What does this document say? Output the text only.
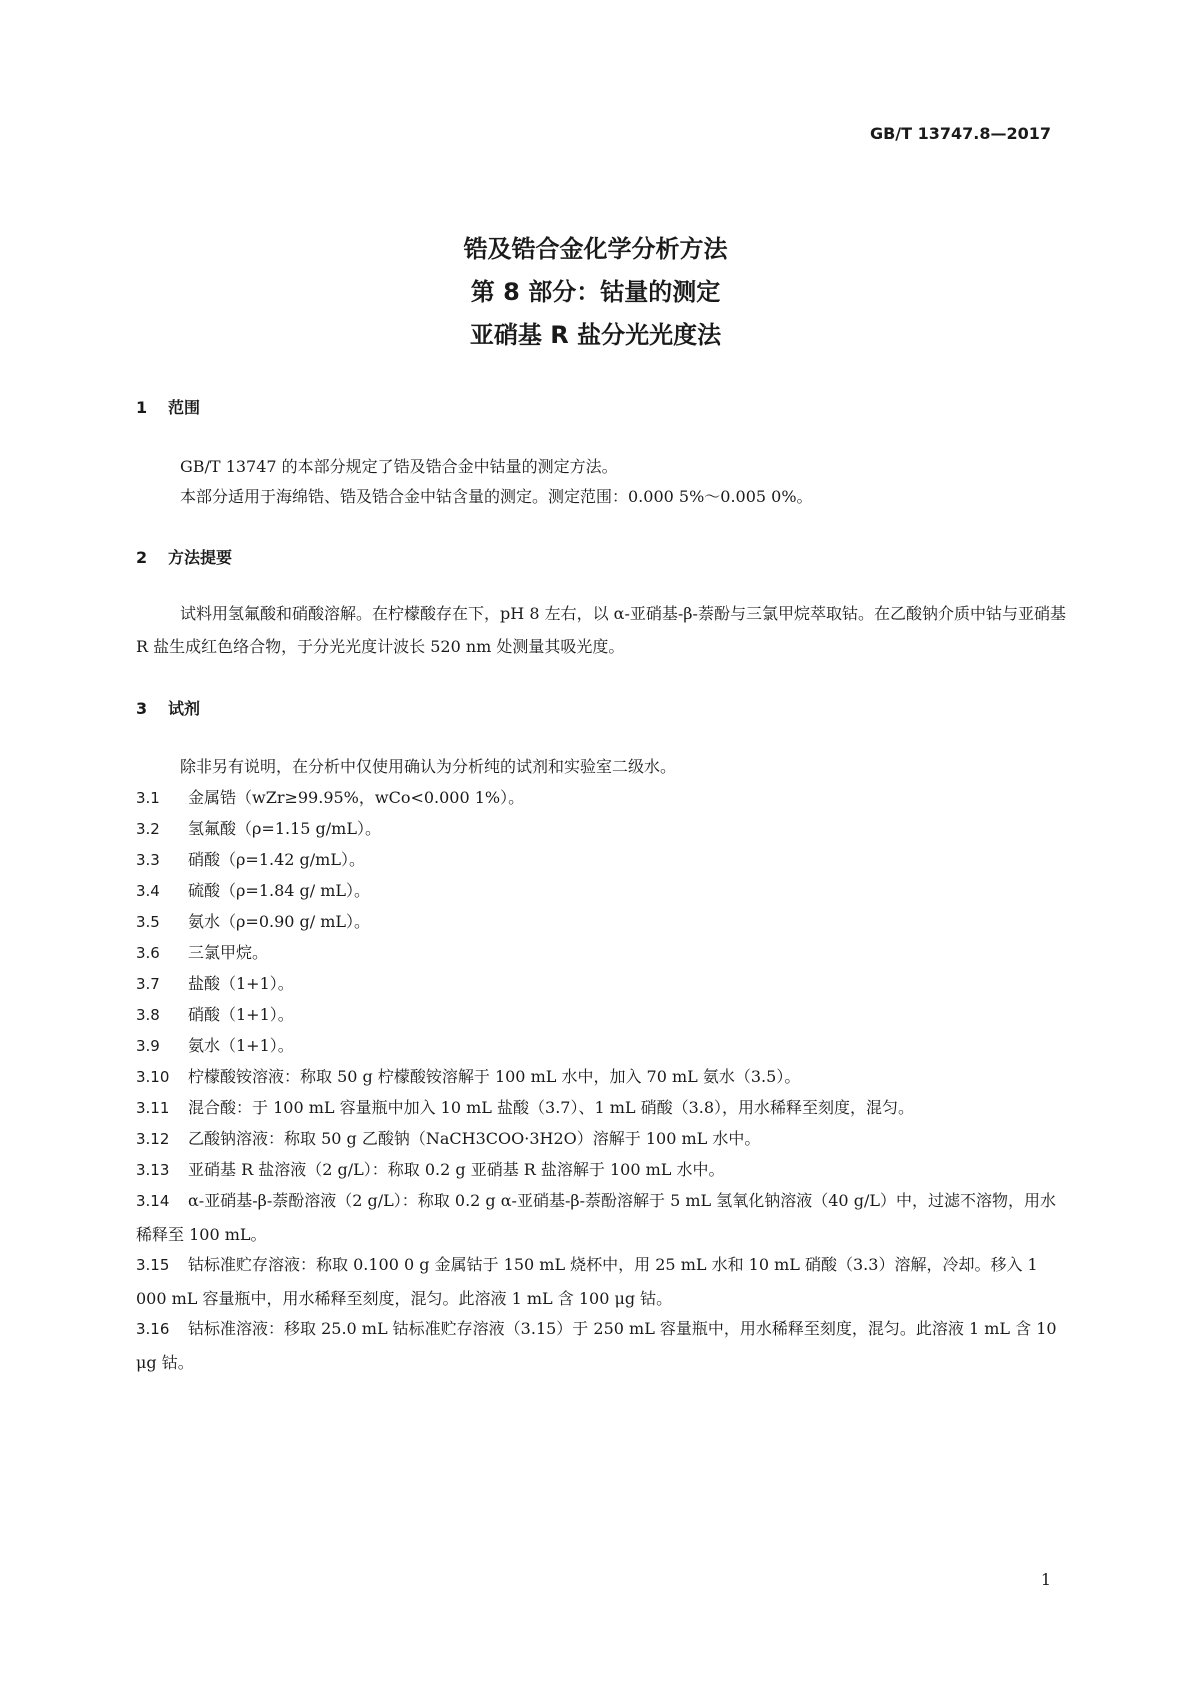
GB/T 13747.8—2017
锆及锆合金化学分析方法
第 8 部分：钴量的测定
亚硝基 R 盐分光光度法
1 范围
GB/T 13747 的本部分规定了锆及锆合金中钴量的测定方法。
本部分适用于海绵锆、锆及锆合金中钴含量的测定。测定范围：0.000 5%～0.005 0%。
2 方法提要
试料用氢氟酸和硝酸溶解。在柠檬酸存在下，pH 8 左右，以 α-亚硝基-β-萘酚与三氯甲烷萃取钴。在乙酸钠介质中钴与亚硝基 R 盐生成红色络合物，于分光光度计波长 520 nm 处测量其吸光度。
3 试剂
除非另有说明，在分析中仅使用确认为分析纯的试剂和实验室二级水。
3.1 金属锆（wZr≥99.95%，wCo<0.000 1%）。
3.2 氢氟酸（ρ=1.15 g/mL）。
3.3 硝酸（ρ=1.42 g/mL）。
3.4 硫酸（ρ=1.84 g/ mL）。
3.5 氨水（ρ=0.90 g/ mL）。
3.6 三氯甲烷。
3.7 盐酸（1+1）。
3.8 硝酸（1+1）。
3.9 氨水（1+1）。
3.10 柠檬酸铵溶液：称取 50 g 柠檬酸铵溶解于 100 mL 水中，加入 70 mL 氨水（3.5）。
3.11 混合酸：于 100 mL 容量瓶中加入 10 mL 盐酸（3.7）、1 mL 硝酸（3.8），用水稀释至刻度，混匀。
3.12 乙酸钠溶液：称取 50 g 乙酸钠（NaCH3COO·3H2O）溶解于 100 mL 水中。
3.13 亚硝基 R 盐溶液（2 g/L）：称取 0.2 g 亚硝基 R 盐溶解于 100 mL 水中。
3.14 α-亚硝基-β-萘酚溶液（2 g/L）：称取 0.2 g α-亚硝基-β-萘酚溶解于 5 mL 氢氧化钠溶液（40 g/L）中，过滤不溶物，用水稀释至 100 mL。
3.15 钴标准贮存溶液：称取 0.100 0 g 金属钴于 150 mL 烧杯中，用 25 mL 水和 10 mL 硝酸（3.3）溶解，冷却。移入 1 000 mL 容量瓶中，用水稀释至刻度，混匀。此溶液 1 mL 含 100 μg 钴。
3.16 钴标准溶液：移取 25.0 mL 钴标准贮存溶液（3.15）于 250 mL 容量瓶中，用水稀释至刻度，混匀。此溶液 1 mL 含 10 μg 钴。
1
